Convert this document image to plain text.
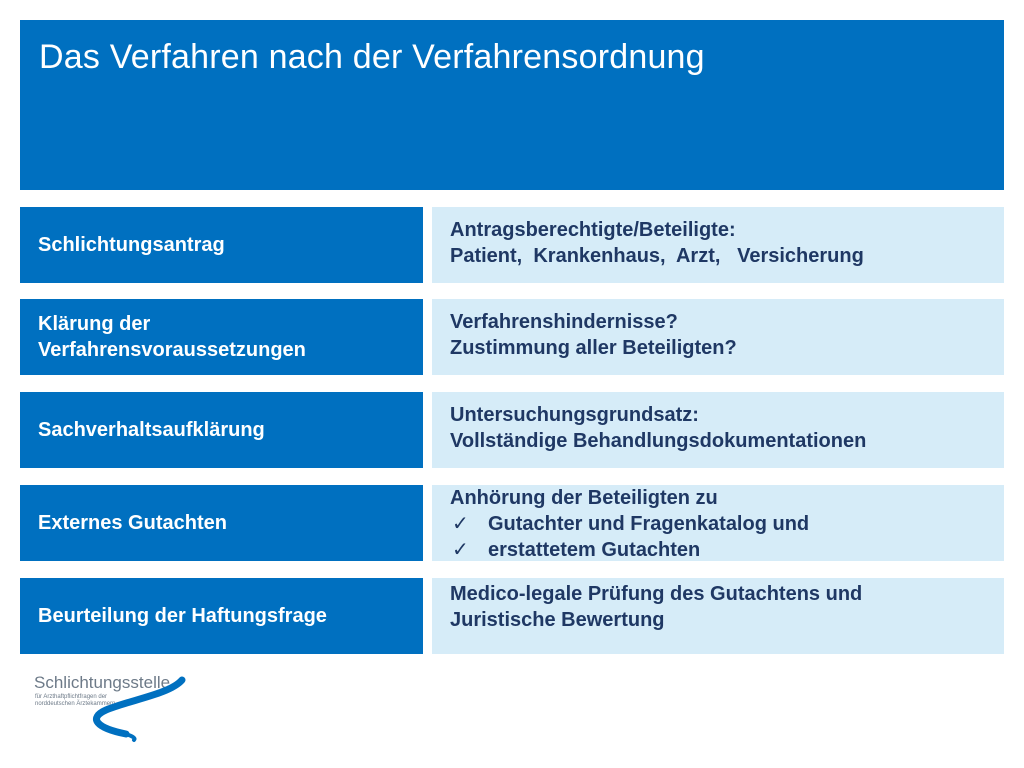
Das Verfahren nach der Verfahrensordnung
Schlichtungsantrag
Antragsberechtigte/Beteiligte:
Patient,  Krankenhaus,  Arzt,   Versicherung
Klärung der Verfahrensvoraussetzungen
Verfahrenshindernisse?
Zustimmung aller Beteiligten?
Sachverhaltsaufklärung
Untersuchungsgrundsatz:
Vollständige Behandlungsdokumentationen
Externes Gutachten
Anhörung der Beteiligten zu
✓ Gutachter und Fragenkatalog und
✓ erstattetem Gutachten
Beurteilung der Haftungsfrage
Medico-legale Prüfung des Gutachtens und
Juristische Bewertung
Schlichtungsstelle
für Arzthaftpflichtfragen der
norddeutschen Ärztekammern
